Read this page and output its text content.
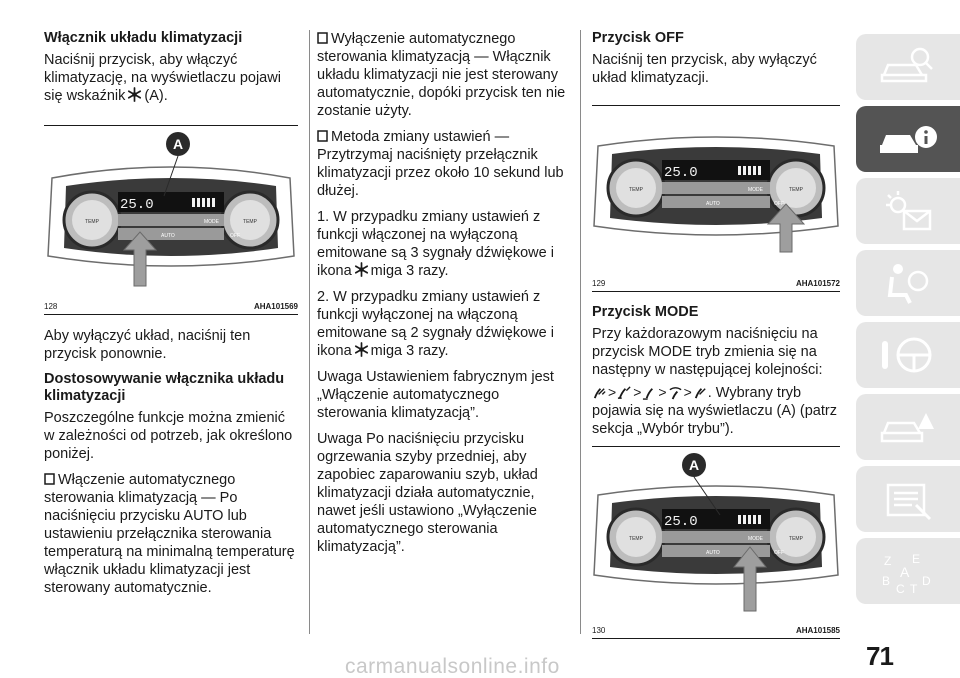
Włącznik układu klimatyzacji

Naciśnij przycisk, aby włączyć klimatyzację, na wyświetlaczu pojawi się wskaźnik (A).

TEMP	TEMP
25.0
MODE
AUTO	OFF
A
128	AHA101569

Aby wyłączyć układ, naciśnij ten przycisk ponownie.

Dostosowywanie włącznika układu klimatyzacji

Poszczególne funkcje można zmienić w zależności od potrzeb, jak określono poniżej.

Włączenie automatycznego sterowania klimatyzacją — Po naciśnięciu przycisku AUTO lub ustawieniu przełącznika sterowania temperaturą na minimalną temperaturę włącznik układu klimatyzacji jest sterowany automatycznie.

Wyłączenie automatycznego sterowania klimatyzacją — Włącznik układu klimatyzacji nie jest sterowany automatycznie, dopóki przycisk ten nie zostanie użyty.

Metoda zmiany ustawień — Przytrzymaj naciśnięty przełącznik klimatyzacji przez około 10 sekund lub dłużej.

1. W przypadku zmiany ustawień z funkcji włączonej na wyłączoną emitowane są 3 sygnały dźwiękowe i ikona miga 3 razy.

2. W przypadku zmiany ustawień z funkcji wyłączonej na włączoną emitowane są 2 sygnały dźwiękowe i ikona miga 3 razy.

Uwaga Ustawieniem fabrycznym jest „Włączenie automatycznego sterowania klimatyzacją”.

Uwaga Po naciśnięciu przycisku ogrzewania szyby przedniej, aby zapobiec zaparowaniu szyb, układ klimatyzacji działa automatycznie, nawet jeśli ustawiono „Wyłączenie automatycznego sterowania klimatyzacją”.

Przycisk OFF

Naciśnij ten przycisk, aby wyłączyć układ klimatyzacji.

TEMP	TEMP
25.0
MODE
AUTO	OFF
129	AHA101572
Przycisk MODE

Przy każdorazowym naciśnięciu na przycisk MODE tryb zmienia się na następny w następującej kolejności:

> > > > . Wybrany tryb pojawia się na wyświetlaczu (A) (patrz sekcja „Wybór trybu”).

TEMP	TEMP
25.0
MODE
AUTO	OFF
A
130	AHA101585
Z E
B
A
D
C T
71
carmanualsonline.info
